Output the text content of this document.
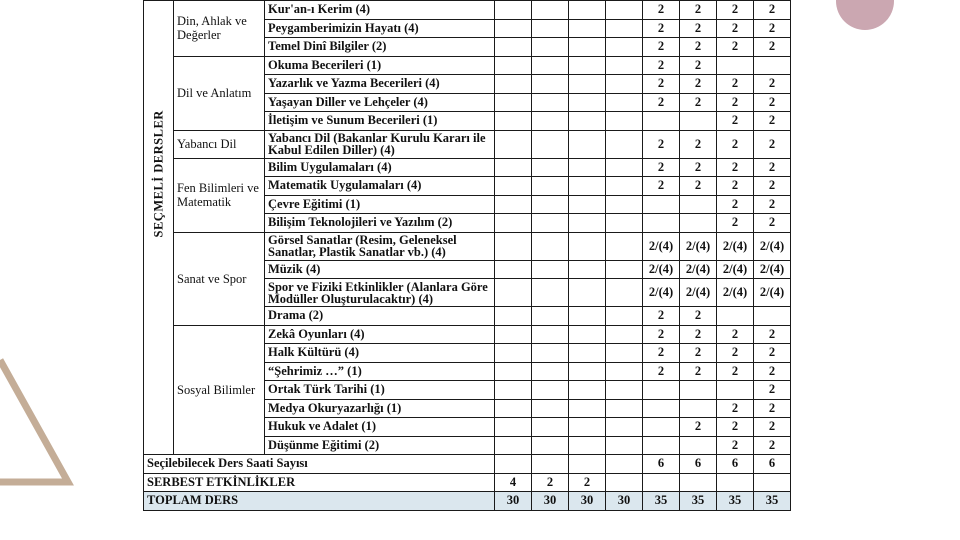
SEÇMELİ DERSLER	Din, Ahlak ve Değerler	Kur'an-ı Kerim (4)					2	2	2	2
		Peygamberimizin Hayatı (4)					2	2	2	2
		Temel Dinî Bilgiler (2)					2	2	2	2
	Dil ve Anlatım	Okuma Becerileri (1)					2	2		
		Yazarlık ve Yazma Becerileri (4)					2	2	2	2
		Yaşayan Diller ve Lehçeler (4)					2	2	2	2
		İletişim ve Sunum Becerileri (1)							2	2
	Yabancı Dil	Yabancı Dil (Bakanlar Kurulu Kararı ile Kabul Edilen Diller) (4)					2	2	2	2
	Fen Bilimleri ve Matematik	Bilim Uygulamaları (4)					2	2	2	2
		Matematik Uygulamaları (4)					2	2	2	2
		Çevre Eğitimi (1)							2	2
		Bilişim Teknolojileri ve Yazılım (2)							2	2
	Sanat ve Spor	Görsel Sanatlar (Resim, Geleneksel Sanatlar, Plastik Sanatlar vb.) (4)					2/(4)	2/(4)	2/(4)	2/(4)
		Müzik (4)					2/(4)	2/(4)	2/(4)	2/(4)
		Spor ve Fiziki Etkinlikler (Alanlara Göre Modüller Oluşturulacaktır) (4)					2/(4)	2/(4)	2/(4)	2/(4)
		Drama (2)					2	2		
	Sosyal Bilimler	Zekâ Oyunları (4)					2	2	2	2
		Halk Kültürü (4)					2	2	2	2
		“Şehrimiz …” (1)					2	2	2	2
		Ortak Türk Tarihi (1)								2
		Medya Okuryazarlığı (1)							2	2
		Hukuk ve Adalet (1)						2	2	2
		Düşünme Eğitimi (2)							2	2
Seçilebilecek Ders Saati Sayısı							6	6	6	6
SERBEST ETKİNLİKLER			4	2	2					
TOPLAM DERS			30	30	30	30	35	35	35	35
